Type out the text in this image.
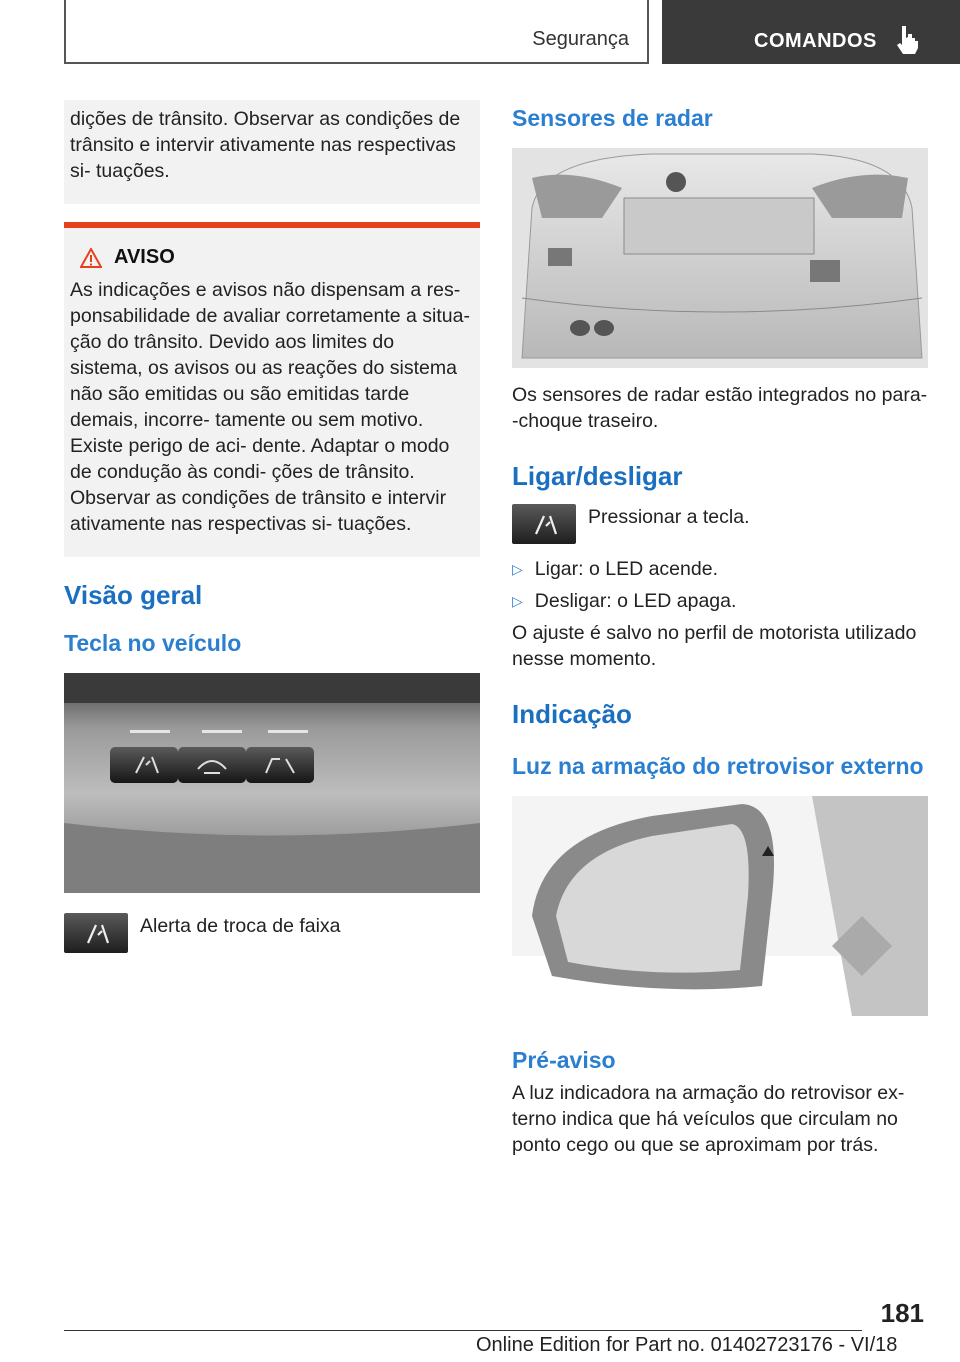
Segurança	COMANDOS

dições de trânsito. Observar as condições de trânsito e intervir ativamente nas respectivas si‐ tuações.

AVISO

As indicações e avisos não dispensam a res‐ ponsabilidade de avaliar corretamente a situa‐ ção do trânsito. Devido aos limites do sistema, os avisos ou as reações do sistema não são emitidas ou são emitidas tarde demais, incorre‐ tamente ou sem motivo. Existe perigo de aci‐ dente. Adaptar o modo de condução às condi‐ ções de trânsito. Observar as condições de trânsito e intervir ativamente nas respectivas si‐ tuações.

Visão geral
Tecla no veículo

Alerta de troca de faixa

Sensores de radar

Os sensores de radar estão integrados no para‐ ‐choque traseiro.

Ligar/desligar

Pressionar a tecla.

▷ Ligar: o LED acende.
▷ Desligar: o LED apaga.

O ajuste é salvo no perfil de motorista utilizado nesse momento.

Indicação
Luz na armação do retrovisor externo
Pré-aviso

A luz indicadora na armação do retrovisor ex‐ terno indica que há veículos que circulam no ponto cego ou que se aproximam por trás.

181
Online Edition for Part no. 01402723176 - VI/18
